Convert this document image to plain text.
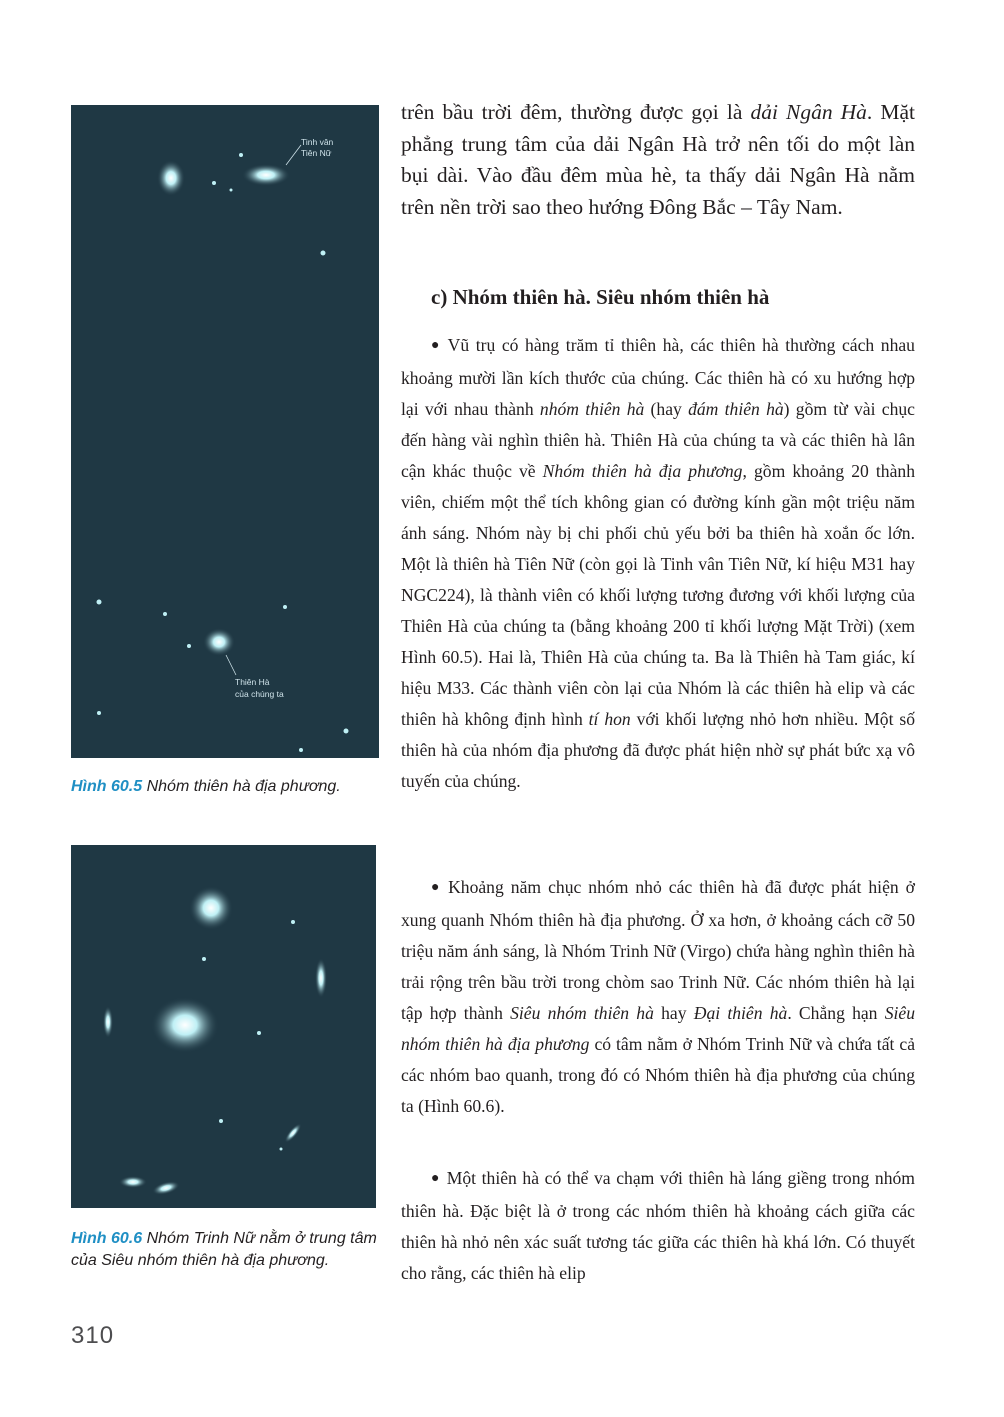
Tinh vân
Tiên Nữ
Thiên Hà
của chúng ta
Hình 60.5 Nhóm thiên hà địa phương.
Hình 60.6 Nhóm Trinh Nữ nằm ở trung tâm của Siêu nhóm thiên hà địa phương.
trên bầu trời đêm, thường được gọi là dải Ngân Hà. Mặt phẳng trung tâm của dải Ngân Hà trở nên tối do một làn bụi dài. Vào đầu đêm mùa hè, ta thấy dải Ngân Hà nằm trên nền trời sao theo hướng Đông Bắc – Tây Nam.
c) Nhóm thiên hà. Siêu nhóm thiên hà

● Vũ trụ có hàng trăm tỉ thiên hà, các thiên hà thường cách nhau khoảng mười lần kích thước của chúng. Các thiên hà có xu hướng hợp lại với nhau thành nhóm thiên hà (hay đám thiên hà) gồm từ vài chục đến hàng vài nghìn thiên hà. Thiên Hà của chúng ta và các thiên hà lân cận khác thuộc về Nhóm thiên hà địa phương, gồm khoảng 20 thành viên, chiếm một thể tích không gian có đường kính gần một triệu năm ánh sáng. Nhóm này bị chi phối chủ yếu bởi ba thiên hà xoắn ốc lớn. Một là thiên hà Tiên Nữ (còn gọi là Tinh vân Tiên Nữ, kí hiệu M31 hay NGC224), là thành viên có khối lượng tương đương với khối lượng của Thiên Hà của chúng ta (bằng khoảng 200 tỉ khối lượng Mặt Trời) (xem Hình 60.5). Hai là, Thiên Hà của chúng ta. Ba là Thiên hà Tam giác, kí hiệu M33. Các thành viên còn lại của Nhóm là các thiên hà elip và các thiên hà không định hình tí hon với khối lượng nhỏ hơn nhiều. Một số thiên hà của nhóm địa phương đã được phát hiện nhờ sự phát bức xạ vô tuyến của chúng.

● Khoảng năm chục nhóm nhỏ các thiên hà đã được phát hiện ở xung quanh Nhóm thiên hà địa phương. Ở xa hơn, ở khoảng cách cỡ 50 triệu năm ánh sáng, là Nhóm Trinh Nữ (Virgo) chứa hàng nghìn thiên hà trải rộng trên bầu trời trong chòm sao Trinh Nữ. Các nhóm thiên hà lại tập hợp thành Siêu nhóm thiên hà hay Đại thiên hà. Chẳng hạn Siêu nhóm thiên hà địa phương có tâm nằm ở Nhóm Trinh Nữ và chứa tất cả các nhóm bao quanh, trong đó có Nhóm thiên hà địa phương của chúng ta (Hình 60.6).

● Một thiên hà có thể va chạm với thiên hà láng giềng trong nhóm thiên hà. Đặc biệt là ở trong các nhóm thiên hà khoảng cách giữa các thiên hà nhỏ nên xác suất tương tác giữa các thiên hà khá lớn. Có thuyết cho rằng, các thiên hà elip

310
